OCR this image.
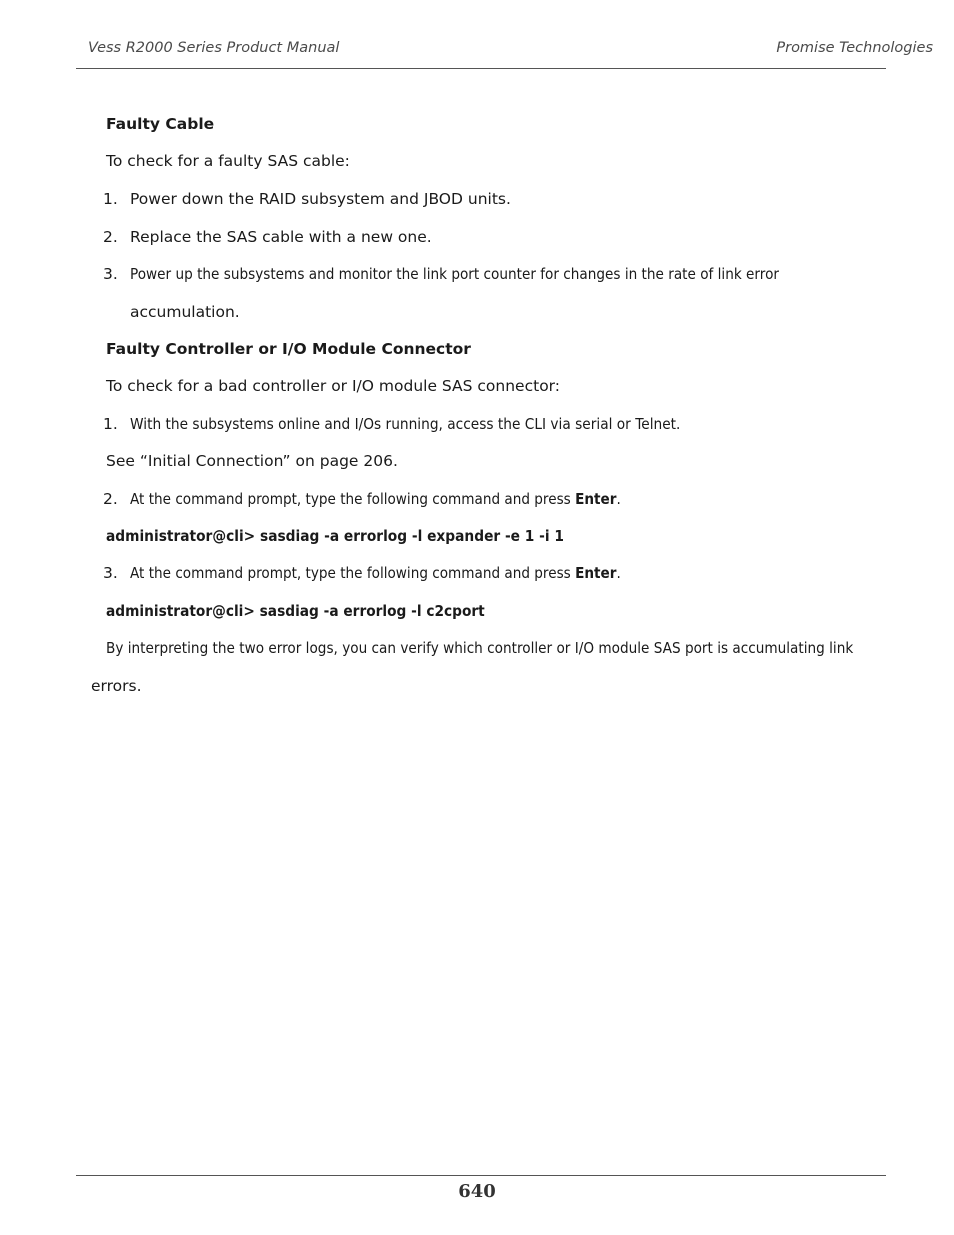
Vess R2000 Series Product Manual	Promise Technologies
Faulty Cable
To check for a faulty SAS cable:
1. Power down the RAID subsystem and JBOD units.
2. Replace the SAS cable with a new one.
3. Power up the subsystems and monitor the link port counter for changes in the rate of link error
accumulation.
Faulty Controller or I/O Module Connector
To check for a bad controller or I/O module SAS connector:
1. With the subsystems online and I/Os running, access the CLI via serial or Telnet.
See “Initial Connection” on page 206.
2. At the command prompt, type the following command and press Enter.
administrator@cli> sasdiag -a errorlog -l expander -e 1 -i 1
3. At the command prompt, type the following command and press Enter.
administrator@cli> sasdiag -a errorlog -l c2cport
By interpreting the two error logs, you can verify which controller or I/O module SAS port is accumulating link
errors.
640
